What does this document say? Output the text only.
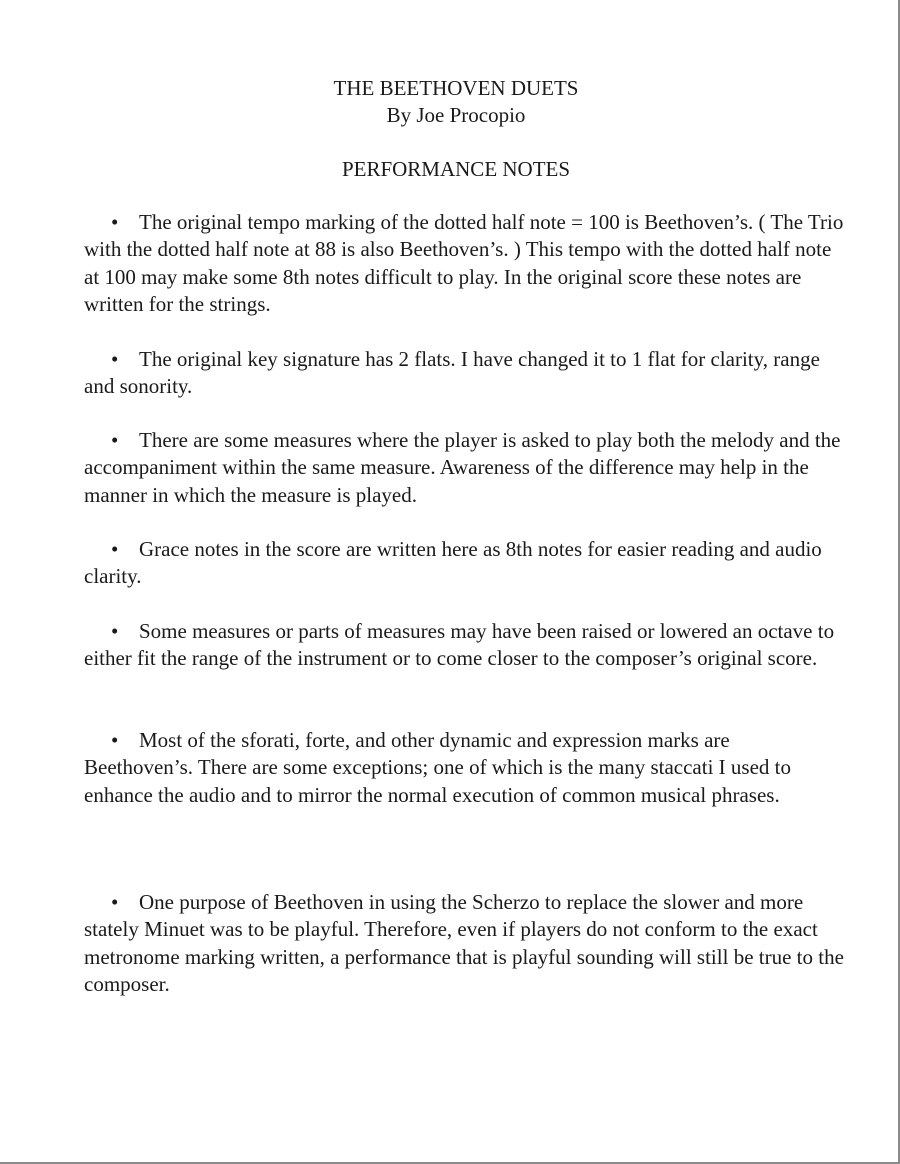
THE BEETHOVEN DUETS
By Joe Procopio
PERFORMANCE NOTES

• The original tempo marking of the dotted half note = 100 is Beethoven’s. ( The Trio with the dotted half note at 88 is also Beethoven’s. ) This tempo with the dotted half note at 100 may make some 8th notes difficult to play. In the original score these notes are written for the strings.

• The original key signature has 2 flats. I have changed it to 1 flat for clarity, range and sonority.

• There are some measures where the player is asked to play both the melody and the accompaniment within the same measure. Awareness of the difference may help in the manner in which the measure is played.

• Grace notes in the score are written here as 8th notes for easier reading and audio clarity.

• Some measures or parts of measures may have been raised or lowered an octave to either fit the range of the instrument or to come closer to the composer’s original score.

• Most of the sforati, forte, and other dynamic and expression marks are Beethoven’s. There are some exceptions; one of which is the many staccati I used to enhance the audio and to mirror the normal execution of common musical phrases.

• One purpose of Beethoven in using the Scherzo to replace the slower and more stately Minuet was to be playful. Therefore, even if players do not conform to the exact metronome marking written, a performance that is playful sounding will still be true to the composer.
